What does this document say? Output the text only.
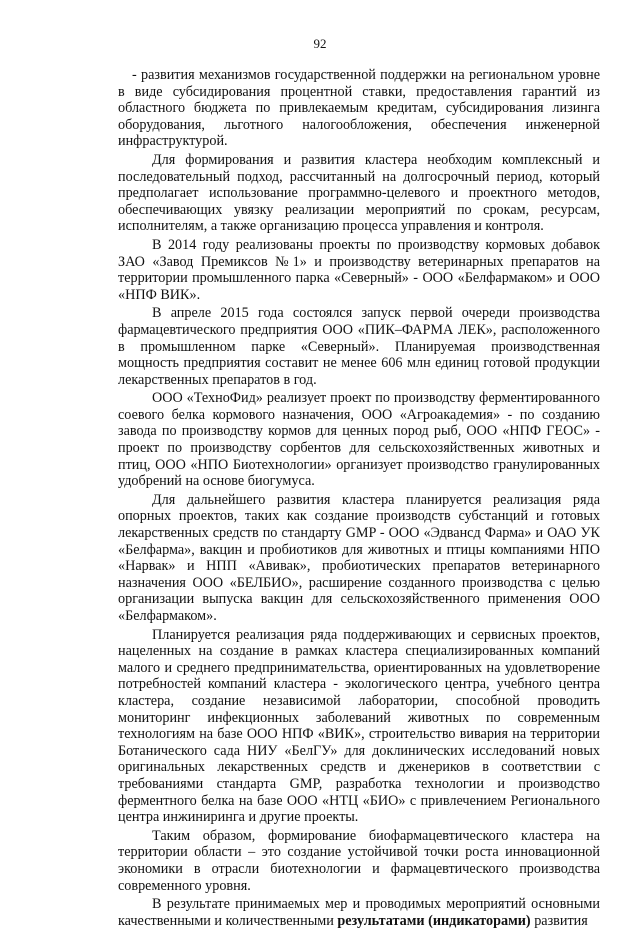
92

- развития механизмов государственной поддержки на региональном уровне в виде субсидирования процентной ставки, предоставления гарантий из областного бюджета по привлекаемым кредитам, субсидирования лизинга оборудования, льготного налогообложения, обеспечения инженерной инфраструктурой.

Для формирования и развития кластера необходим комплексный и последовательный подход, рассчитанный на долгосрочный период, который предполагает использование программно-целевого и проектного методов, обеспечивающих увязку реализации мероприятий по срокам, ресурсам, исполнителям, а также организацию процесса управления и контроля.

В 2014 году реализованы проекты по производству кормовых добавок ЗАО «Завод Премиксов №1» и производству ветеринарных препаратов на территории промышленного парка «Северный» - ООО «Белфармаком» и ООО «НПФ ВИК».

В апреле 2015 года состоялся запуск первой очереди производства фармацевтического предприятия ООО «ПИК–ФАРМА ЛЕК», расположенного в промышленном парке «Северный». Планируемая производственная мощность предприятия составит не менее 606 млн единиц готовой продукции лекарственных препаратов в год.

ООО «ТехноФид» реализует проект по производству ферментированного соевого белка кормового назначения, ООО «Агроакадемия» - по созданию завода по производству кормов для ценных пород рыб, ООО «НПФ ГЕОС» - проект по производству сорбентов для сельскохозяйственных животных и птиц, ООО «НПО Биотехнологии» организует производство гранулированных удобрений на основе биогумуса.

Для дальнейшего развития кластера планируется реализация ряда опорных проектов, таких как создание производств субстанций и готовых лекарственных средств по стандарту GMP - ООО «Эдвансд Фарма» и ОАО УК «Белфарма», вакцин и пробиотиков для животных и птицы компаниями НПО «Нарвак» и НПП «Авивак», пробиотических препаратов ветеринарного назначения ООО «БЕЛБИО», расширение созданного производства с целью организации выпуска вакцин для сельскохозяйственного применения ООО «Белфармаком».

Планируется реализация ряда поддерживающих и сервисных проектов, нацеленных на создание в рамках кластера специализированных компаний малого и среднего предпринимательства, ориентированных на удовлетворение потребностей компаний кластера - экологического центра, учебного центра кластера, создание независимой лаборатории, способной проводить мониторинг инфекционных заболеваний животных по современным технологиям на базе ООО НПФ «ВИК», строительство вивария на территории Ботанического сада НИУ «БелГУ» для доклинических исследований новых оригинальных лекарственных средств и дженериков в соответствии с требованиями стандарта GMP, разработка технологии и производство ферментного белка на базе ООО «НТЦ «БИО» с привлечением Регионального центра инжиниринга и другие проекты.

Таким образом, формирование биофармацевтического кластера на территории области – это создание устойчивой точки роста инновационной экономики в отрасли биотехнологии и фармацевтического производства современного уровня.

В результате принимаемых мер и проводимых мероприятий основными качественными и количественными результатами (индикаторами) развития
